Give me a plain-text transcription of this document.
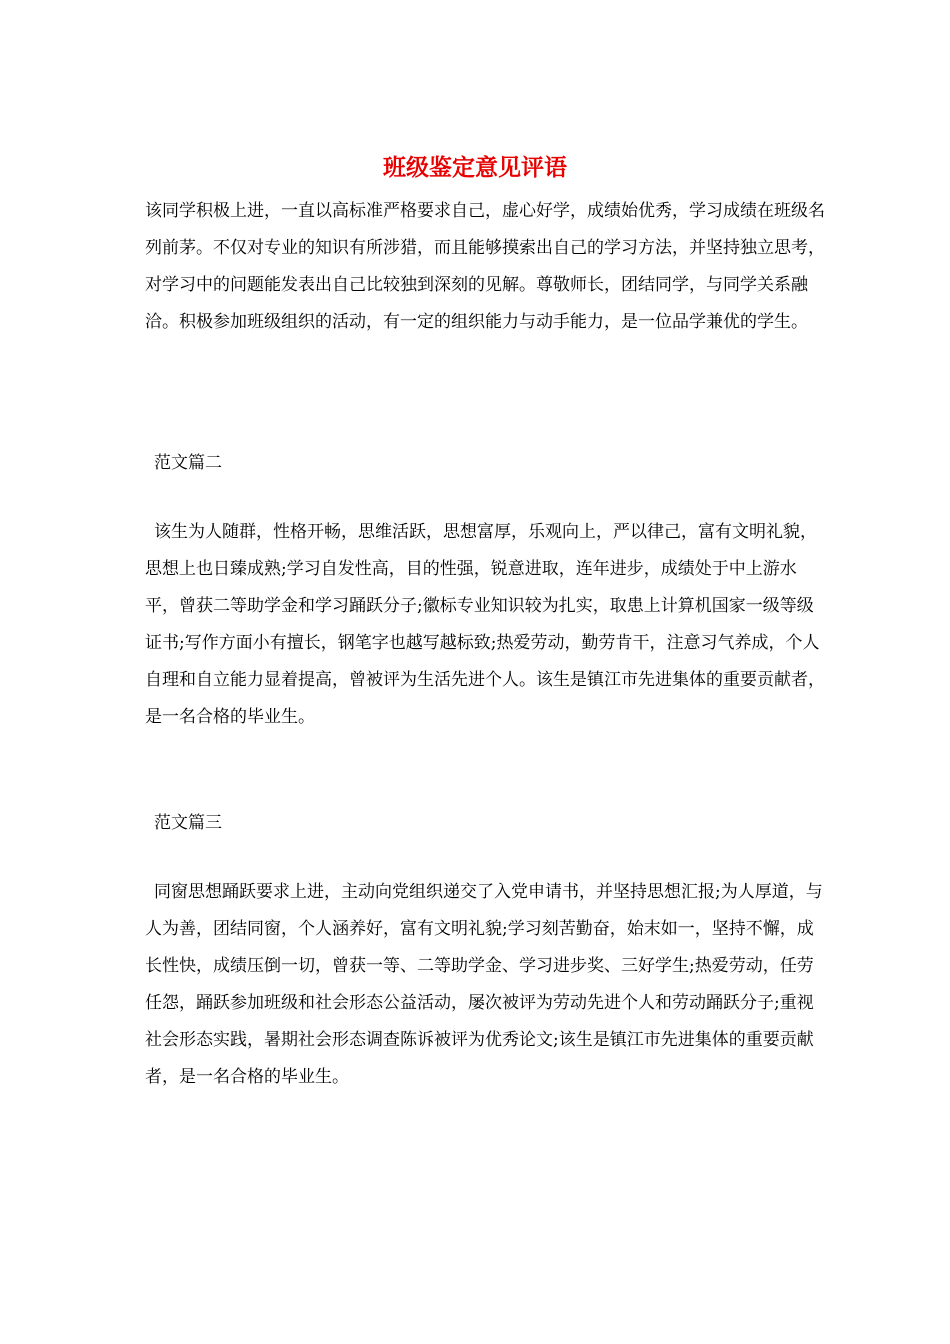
班级鉴定意见评语

该同学积极上进，一直以高标准严格要求自己，虚心好学，成绩始优秀，学习成绩在班级名列前茅。不仅对专业的知识有所涉猎，而且能够摸索出自己的学习方法，并坚持独立思考，对学习中的问题能发表出自己比较独到深刻的见解。尊敬师长，团结同学，与同学关系融洽。积极参加班级组织的活动，有一定的组织能力与动手能力，是一位品学兼优的学生。

范文篇二

该生为人随群，性格开畅，思维活跃，思想富厚，乐观向上，严以律己，富有文明礼貌，思想上也日臻成熟;学习自发性高，目的性强，锐意进取，连年进步，成绩处于中上游水平，曾获二等助学金和学习踊跃分子;徽标专业知识较为扎实，取患上计算机国家一级等级证书;写作方面小有擅长，钢笔字也越写越标致;热爱劳动，勤劳肯干，注意习气养成，个人自理和自立能力显着提高，曾被评为生活先进个人。该生是镇江市先进集体的重要贡献者，是一名合格的毕业生。

范文篇三

同窗思想踊跃要求上进，主动向党组织递交了入党申请书，并坚持思想汇报;为人厚道，与人为善，团结同窗，个人涵养好，富有文明礼貌;学习刻苦勤奋，始末如一，坚持不懈，成长性快，成绩压倒一切，曾获一等、二等助学金、学习进步奖、三好学生;热爱劳动，任劳任怨，踊跃参加班级和社会形态公益活动，屡次被评为劳动先进个人和劳动踊跃分子;重视社会形态实践，暑期社会形态调查陈诉被评为优秀论文;该生是镇江市先进集体的重要贡献者，是一名合格的毕业生。
